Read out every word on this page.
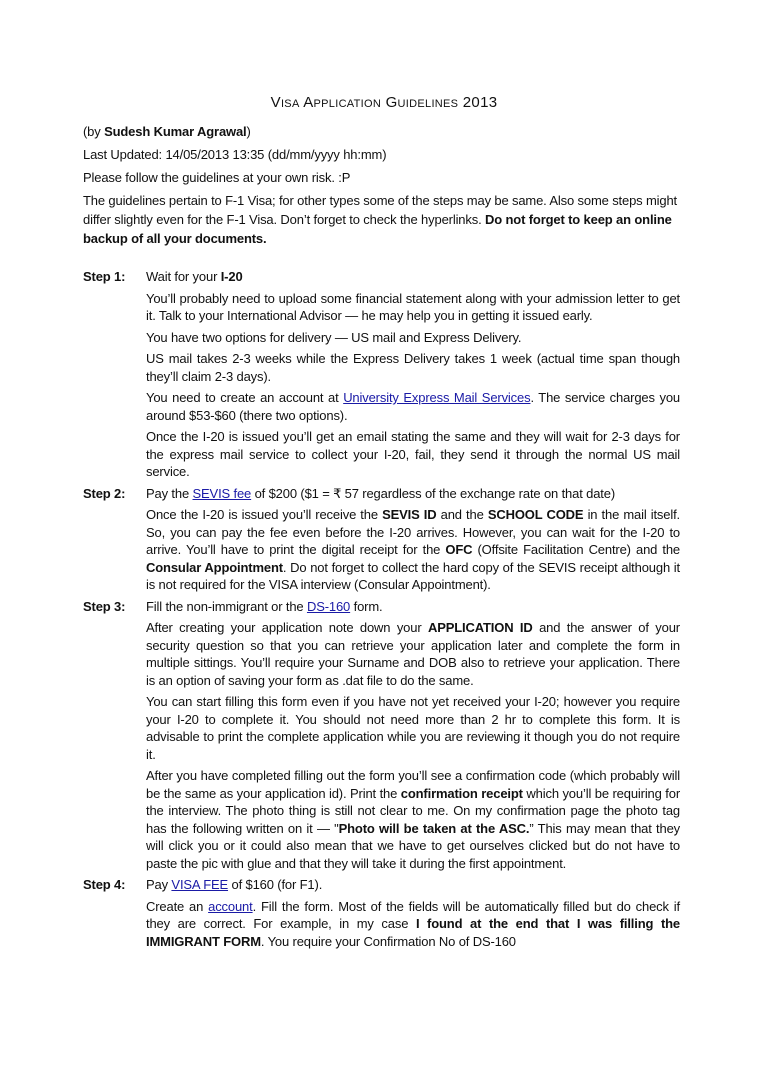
Visa Application Guidelines 2013

(by Sudesh Kumar Agrawal)

Last Updated: 14/05/2013 13:35 (dd/mm/yyyy hh:mm)

Please follow the guidelines at your own risk. :P

The guidelines pertain to F-1 Visa; for other types some of the steps may be same. Also some steps might differ slightly even for the F-1 Visa. Don’t forget to check the hyperlinks. Do not forget to keep an online backup of all your documents.

Step 1:	Wait for your I-20

You’ll probably need to upload some financial statement along with your admission letter to get it. Talk to your International Advisor — he may help you in getting it issued early.

You have two options for delivery — US mail and Express Delivery.

US mail takes 2-3 weeks while the Express Delivery takes 1 week (actual time span though they’ll claim 2-3 days).

You need to create an account at University Express Mail Services. The service charges you around $53-$60 (there two options).

Once the I-20 is issued you’ll get an email stating the same and they will wait for 2-3 days for the express mail service to collect your I-20, fail, they send it through the normal US mail service.

Step 2:	Pay the SEVIS fee of $200 ($1 = ₹ 57 regardless of the exchange rate on that date)

Once the I-20 is issued you’ll receive the SEVIS ID and the SCHOOL CODE in the mail itself. So, you can pay the fee even before the I-20 arrives. However, you can wait for the I-20 to arrive. You’ll have to print the digital receipt for the OFC (Offsite Facilitation Centre) and the Consular Appointment. Do not forget to collect the hard copy of the SEVIS receipt although it is not required for the VISA interview (Consular Appointment).

Step 3:	Fill the non-immigrant or the DS-160 form.

After creating your application note down your APPLICATION ID and the answer of your security question so that you can retrieve your application later and complete the form in multiple sittings. You’ll require your Surname and DOB also to retrieve your application. There is an option of saving your form as .dat file to do the same.

You can start filling this form even if you have not yet received your I-20; however you require your I-20 to complete it. You should not need more than 2 hr to complete this form. It is advisable to print the complete application while you are reviewing it though you do not require it.

After you have completed filling out the form you’ll see a confirmation code (which probably will be the same as your application id). Print the confirmation receipt which you’ll be requiring for the interview. The photo thing is still not clear to me. On my confirmation page the photo tag has the following written on it — "Photo will be taken at the ASC.” This may mean that they will click you or it could also mean that we have to get ourselves clicked but do not have to paste the pic with glue and that they will take it during the first appointment.

Step 4:	Pay VISA FEE of $160 (for F1).

Create an account. Fill the form. Most of the fields will be automatically filled but do check if they are correct. For example, in my case I found at the end that I was filling the IMMIGRANT FORM. You require your Confirmation No of DS-160
